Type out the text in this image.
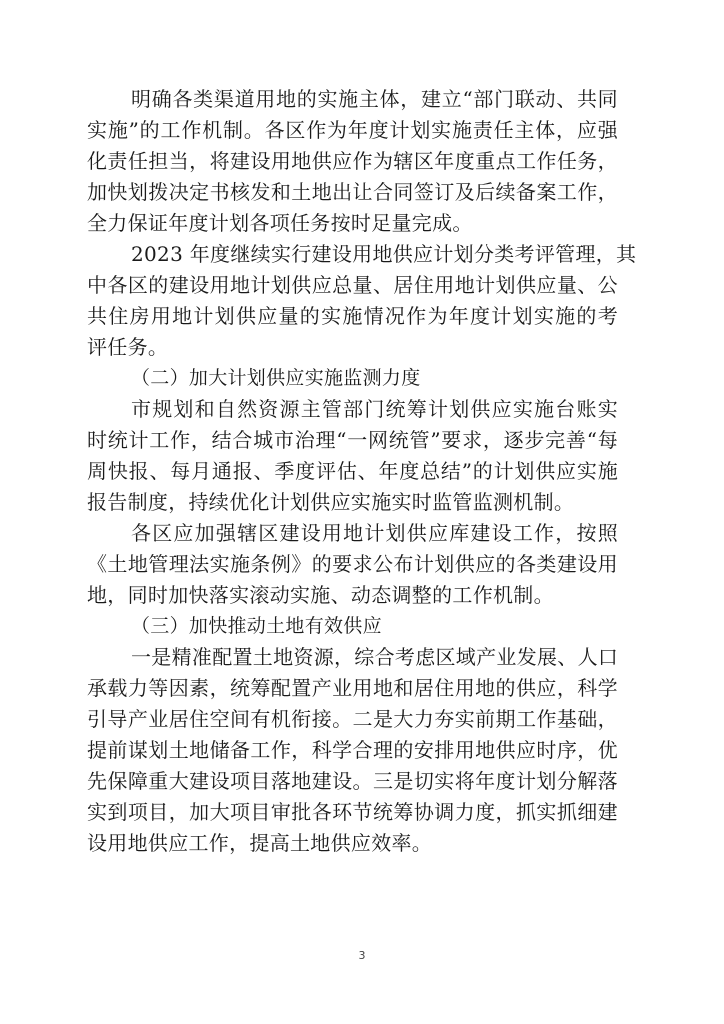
明确各类渠道用地的实施主体，建立“部门联动、共同
实施”的工作机制。各区作为年度计划实施责任主体，应强
化责任担当，将建设用地供应作为辖区年度重点工作任务，
加快划拨决定书核发和土地出让合同签订及后续备案工作，
全力保证年度计划各项任务按时足量完成。
2023 年度继续实行建设用地供应计划分类考评管理，其
中各区的建设用地计划供应总量、居住用地计划供应量、公
共住房用地计划供应量的实施情况作为年度计划实施的考
评任务。
（二）加大计划供应实施监测力度
市规划和自然资源主管部门统筹计划供应实施台账实
时统计工作，结合城市治理“一网统管”要求，逐步完善“每
周快报、每月通报、季度评估、年度总结”的计划供应实施
报告制度，持续优化计划供应实施实时监管监测机制。
各区应加强辖区建设用地计划供应库建设工作，按照
《土地管理法实施条例》的要求公布计划供应的各类建设用
地，同时加快落实滚动实施、动态调整的工作机制。
（三）加快推动土地有效供应
一是精准配置土地资源，综合考虑区域产业发展、人口
承载力等因素，统筹配置产业用地和居住用地的供应，科学
引导产业居住空间有机衔接。二是大力夯实前期工作基础，
提前谋划土地储备工作，科学合理的安排用地供应时序，优
先保障重大建设项目落地建设。三是切实将年度计划分解落
实到项目，加大项目审批各环节统筹协调力度，抓实抓细建
设用地供应工作，提高土地供应效率。
3
